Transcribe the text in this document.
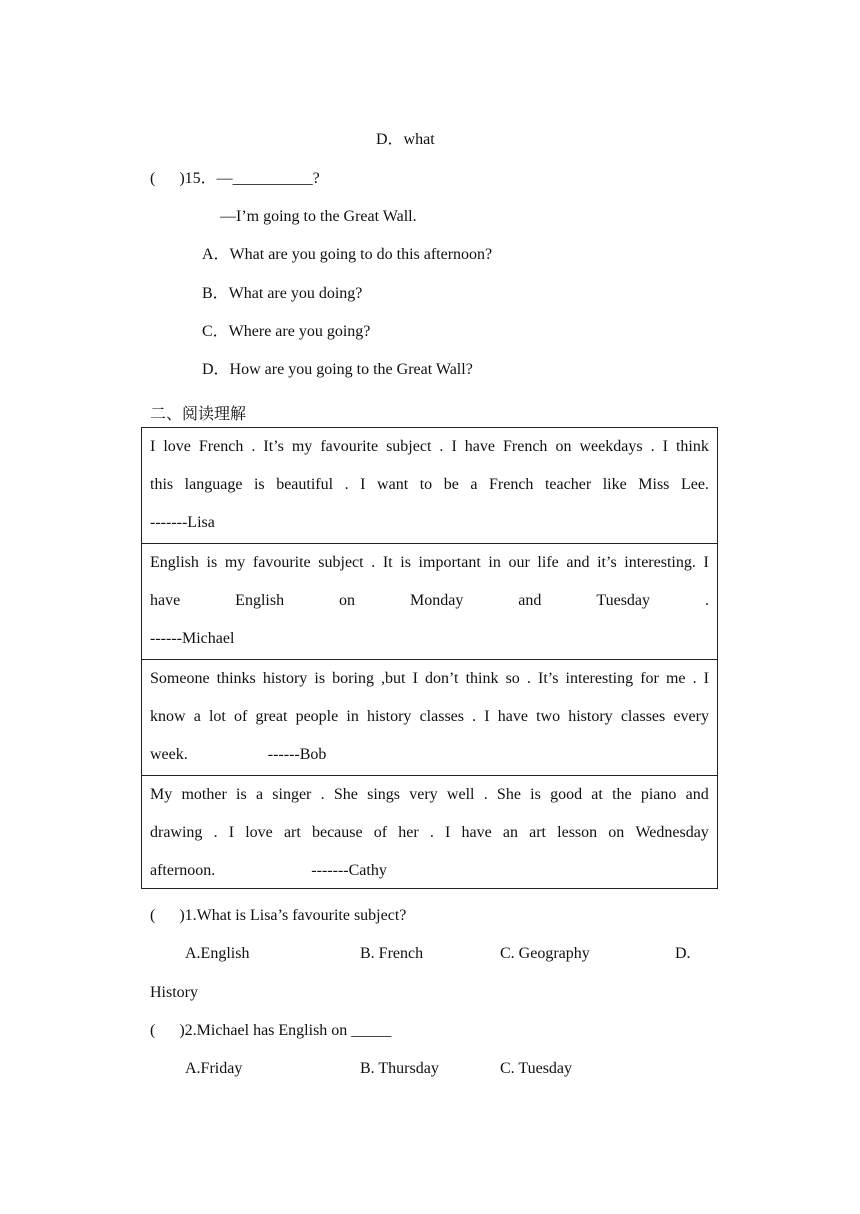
D．what
(      )15．—__________?
—I’m going to the Great Wall.
A．What are you going to do this afternoon?
B．What are you doing?
C．Where are you going?
D．How are you going to the Great Wall?
二、阅读理解
I love French . It’s my favourite subject . I have French on weekdays . I think
this language is beautiful . I want to be a French teacher like Miss Lee.
-------Lisa
English is my favourite subject . It is important in our life and it’s interesting. I
have	English	on	Monday	and	Tuesday	.
------Michael
Someone thinks history is boring ,but I don’t think so . It’s interesting for me . I
know a lot of great people in history classes . I have two history classes every
week.                    ------Bob
My mother is a singer . She sings very well . She is good at the piano and
drawing . I love art because of her . I have an art lesson on Wednesday
afternoon.                        -------Cathy
(      )1.What is Lisa’s favourite subject?
A.English	B. French	C. Geography	D.
History
(      )2.Michael has English on _____
A.Friday	B. Thursday	C. Tuesday
